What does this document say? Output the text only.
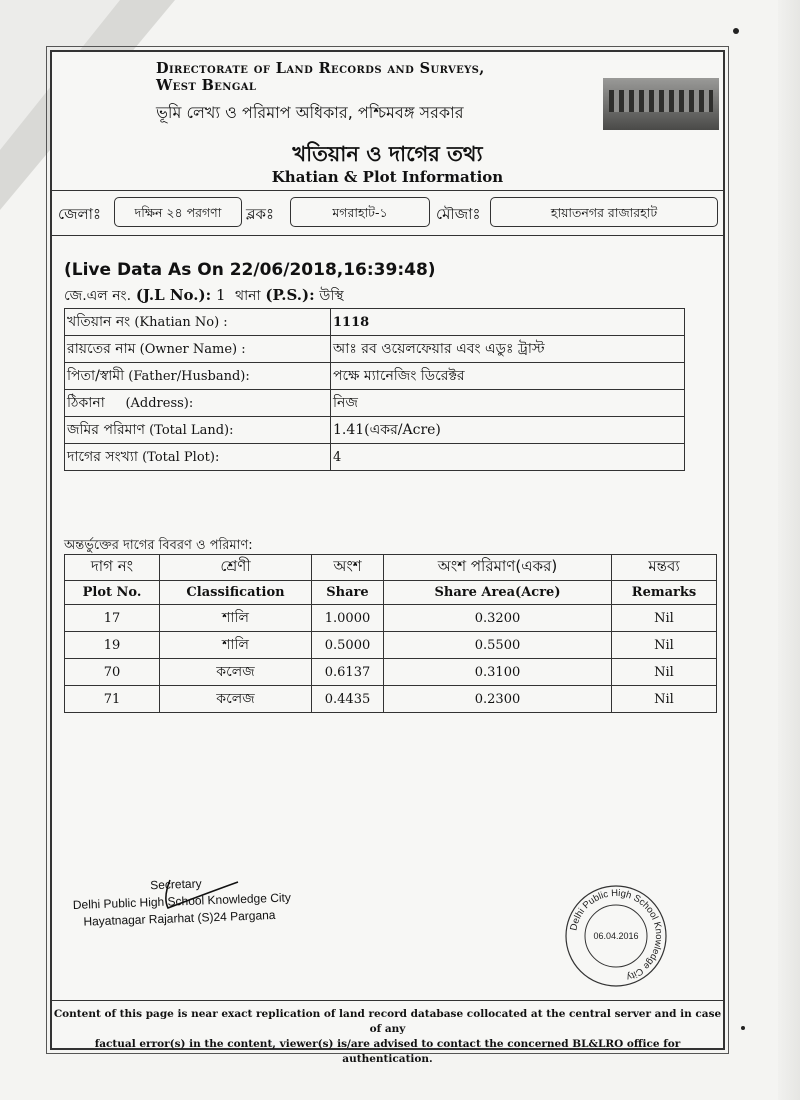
Directorate of Land Records and Surveys,
West Bengal
ভূমি লেখ্য ও পরিমাপ অধিকার, পশ্চিমবঙ্গ সরকার
খতিয়ান ও দাগের তথ্য
Khatian & Plot Information
জেলাঃ	দক্ষিন ২৪ পরগণা	ব্লকঃ	মগরাহাট-১	মৌজাঃ	হায়াতনগর রাজারহাট
(Live Data As On 22/06/2018,16:39:48)
জে.এল নং. (J.L No.): 1 থানা (P.S.): উস্থি
খতিয়ান নং (Khatian No) :	1118
রায়তের নাম (Owner Name) :	আঃ রব ওয়েলফেয়ার এবং এডুঃ ট্রাস্ট
পিতা/স্বামী (Father/Husband):	পক্ষে ম্যানেজিং ডিরেক্টর
ঠিকানা (Address):	নিজ
জমির পরিমাণ (Total Land):	1.41(একর/Acre)
দাগের সংখ্যা (Total Plot):	4
অন্তর্ভুক্তের দাগের বিবরণ ও পরিমাণ:
দাগ নং	শ্রেণী	অংশ	অংশ পরিমাণ(একর)	মন্তব্য
Plot No.	Classification	Share	Share Area(Acre)	Remarks
17	শালি	1.0000	0.3200	Nil
19	শালি	0.5000	0.5500	Nil
70	কলেজ	0.6137	0.3100	Nil
71	কলেজ	0.4435	0.2300	Nil
Secretary
Delhi Public High School Knowledge City
Hayatnagar Rajarhat (S)24 Pargana	Delhi Public High School Knowledge City
06.04.2016
Content of this page is near exact replication of land record database collocated at the central server and in case of any
factual error(s) in the content, viewer(s) is/are advised to contact the concerned BL&LRO office for authentication.
